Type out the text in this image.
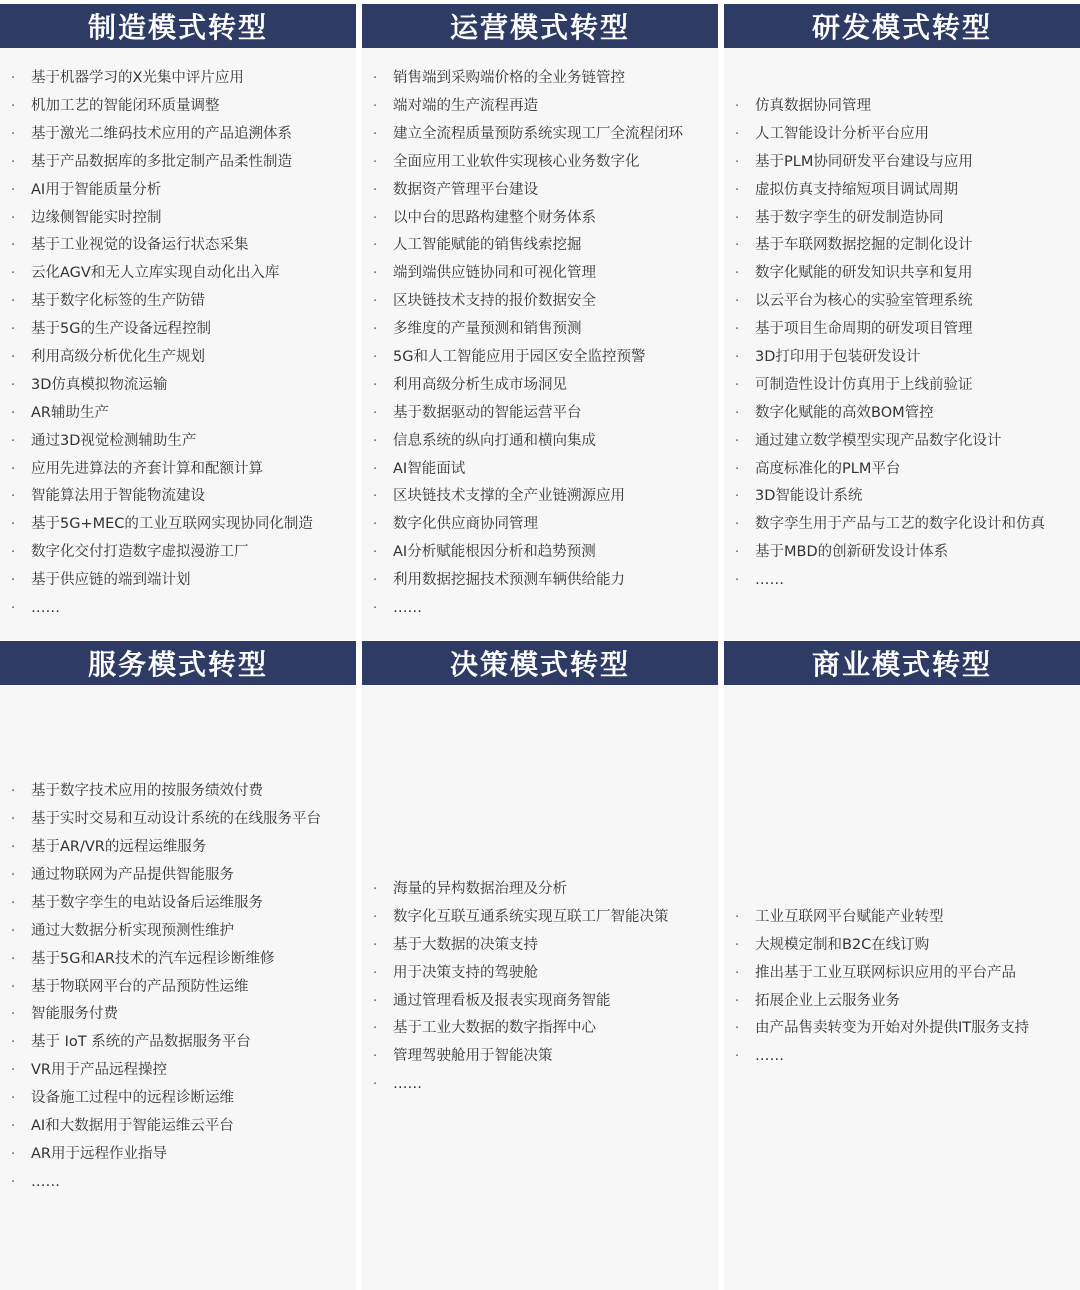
制造模式转型
· 基于机器学习的X光集中评片应用
· 机加工艺的智能闭环质量调整
· 基于激光二维码技术应用的产品追溯体系
· 基于产品数据库的多批定制产品柔性制造
· AI用于智能质量分析
· 边缘侧智能实时控制
· 基于工业视觉的设备运行状态采集
· 云化AGV和无人立库实现自动化出入库
· 基于数字化标签的生产防错
· 基于5G的生产设备远程控制
· 利用高级分析优化生产规划
· 3D仿真模拟物流运输
· AR辅助生产
· 通过3D视觉检测辅助生产
· 应用先进算法的齐套计算和配额计算
· 智能算法用于智能物流建设
· 基于5G+MEC的工业互联网实现协同化制造
· 数字化交付打造数字虚拟漫游工厂
· 基于供应链的端到端计划
· ……
运营模式转型
· 销售端到采购端价格的全业务链管控
· 端对端的生产流程再造
· 建立全流程质量预防系统实现工厂全流程闭环
· 全面应用工业软件实现核心业务数字化
· 数据资产管理平台建设
· 以中台的思路构建整个财务体系
· 人工智能赋能的销售线索挖掘
· 端到端供应链协同和可视化管理
· 区块链技术支持的报价数据安全
· 多维度的产量预测和销售预测
· 5G和人工智能应用于园区安全监控预警
· 利用高级分析生成市场洞见
· 基于数据驱动的智能运营平台
· 信息系统的纵向打通和横向集成
· AI智能面试
· 区块链技术支撑的全产业链溯源应用
· 数字化供应商协同管理
· AI分析赋能根因分析和趋势预测
· 利用数据挖掘技术预测车辆供给能力
· ……
研发模式转型
· 仿真数据协同管理
· 人工智能设计分析平台应用
· 基于PLM协同研发平台建设与应用
· 虚拟仿真支持缩短项目调试周期
· 基于数字孪生的研发制造协同
· 基于车联网数据挖掘的定制化设计
· 数字化赋能的研发知识共享和复用
· 以云平台为核心的实验室管理系统
· 基于项目生命周期的研发项目管理
· 3D打印用于包装研发设计
· 可制造性设计仿真用于上线前验证
· 数字化赋能的高效BOM管控
· 通过建立数学模型实现产品数字化设计
· 高度标准化的PLM平台
· 3D智能设计系统
· 数字孪生用于产品与工艺的数字化设计和仿真
· 基于MBD的创新研发设计体系
· ……
服务模式转型
· 基于数字技术应用的按服务绩效付费
· 基于实时交易和互动设计系统的在线服务平台
· 基于AR/VR的远程运维服务
· 通过物联网为产品提供智能服务
· 基于数字孪生的电站设备后运维服务
· 通过大数据分析实现预测性维护
· 基于5G和AR技术的汽车远程诊断维修
· 基于物联网平台的产品预防性运维
· 智能服务付费
· 基于 IoT 系统的产品数据服务平台
· VR用于产品远程操控
· 设备施工过程中的远程诊断运维
· AI和大数据用于智能运维云平台
· AR用于远程作业指导
· ……
决策模式转型
· 海量的异构数据治理及分析
· 数字化互联互通系统实现互联工厂智能决策
· 基于大数据的决策支持
· 用于决策支持的驾驶舱
· 通过管理看板及报表实现商务智能
· 基于工业大数据的数字指挥中心
· 管理驾驶舱用于智能决策
· ……
商业模式转型
· 工业互联网平台赋能产业转型
· 大规模定制和B2C在线订购
· 推出基于工业互联网标识应用的平台产品
· 拓展企业上云服务业务
· 由产品售卖转变为开始对外提供IT服务支持
· ……
